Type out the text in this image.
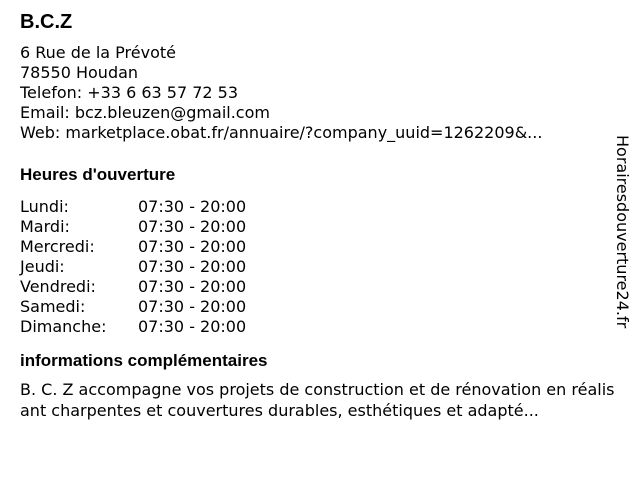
B.C.Z
6 Rue de la Prévoté
78550 Houdan
Telefon: +33 6 63 57 72 53
Email: bcz.bleuzen@gmail.com
Web: marketplace.obat.fr/annuaire/?company_uuid=1262209&...
Heures d'ouverture
Lundi:	07:30 - 20:00
Mardi:	07:30 - 20:00
Mercredi:	07:30 - 20:00
Jeudi:	07:30 - 20:00
Vendredi:	07:30 - 20:00
Samedi:	07:30 - 20:00
Dimanche:	07:30 - 20:00
informations complémentaires
B. C. Z accompagne vos projets de construction et de rénovation en réalisant charpentes et couvertures durables, esthétiques et adapté...
Horairesdouverture24.fr
